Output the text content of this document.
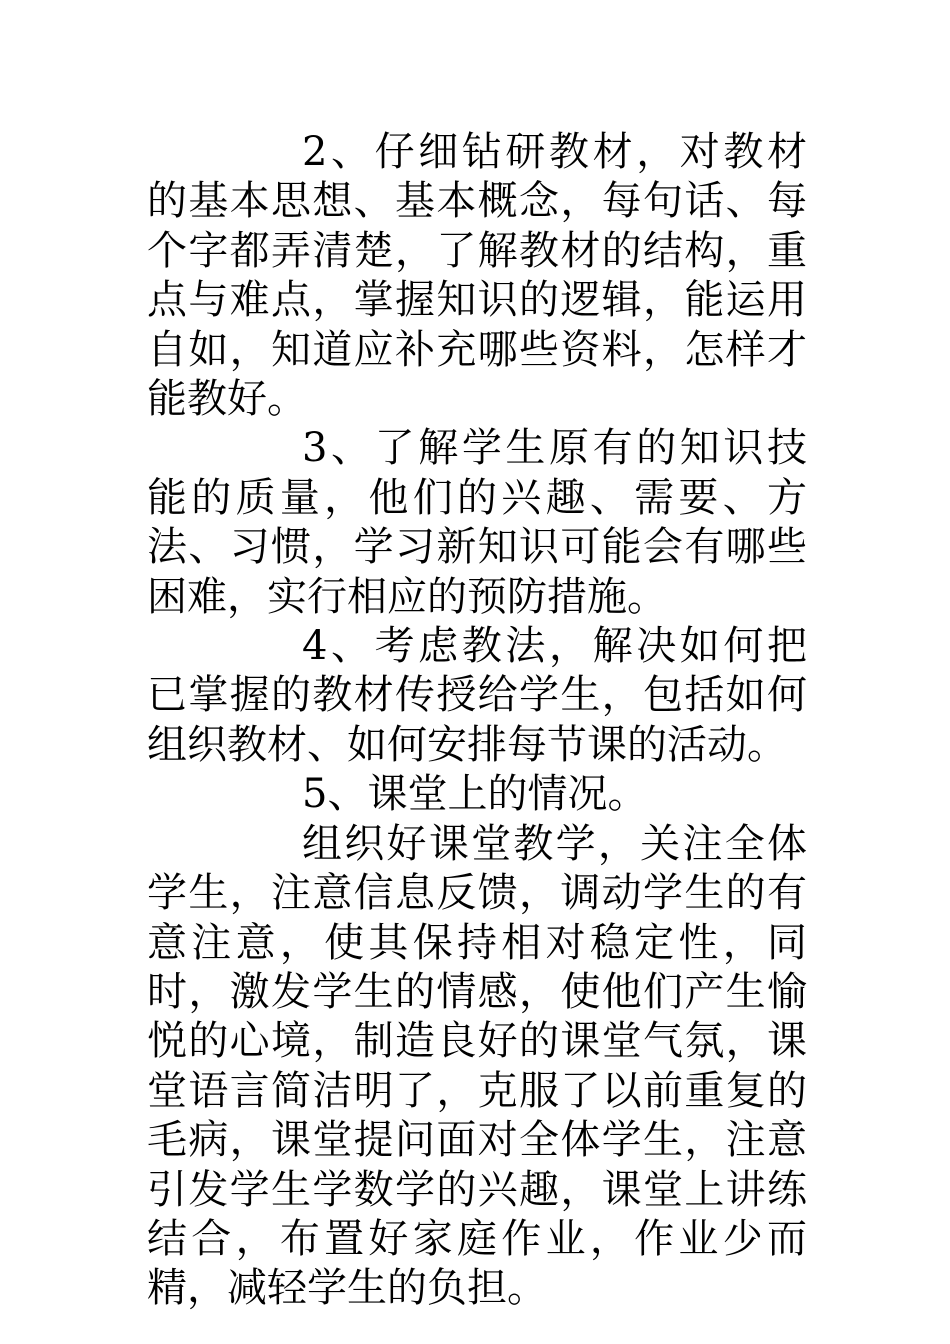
2、仔细钻研教材，对教材的基本思想、基本概念，每句话、每个字都弄清楚，了解教材的结构，重点与难点，掌握知识的逻辑，能运用自如，知道应补充哪些资料，怎样才能教好。

3、了解学生原有的知识技能的质量，他们的兴趣、需要、方法、习惯，学习新知识可能会有哪些困难，实行相应的预防措施。

4、考虑教法，解决如何把已掌握的教材传授给学生，包括如何组织教材、如何安排每节课的活动。

5、课堂上的情况。

组织好课堂教学，关注全体学生，注意信息反馈，调动学生的有意注意，使其保持相对稳定性，同时，激发学生的情感，使他们产生愉悦的心境，制造良好的课堂气氛，课堂语言简洁明了，克服了以前重复的毛病，课堂提问面对全体学生，注意引发学生学数学的兴趣，课堂上讲练结合，布置好家庭作业，作业少而精，减轻学生的负担。
